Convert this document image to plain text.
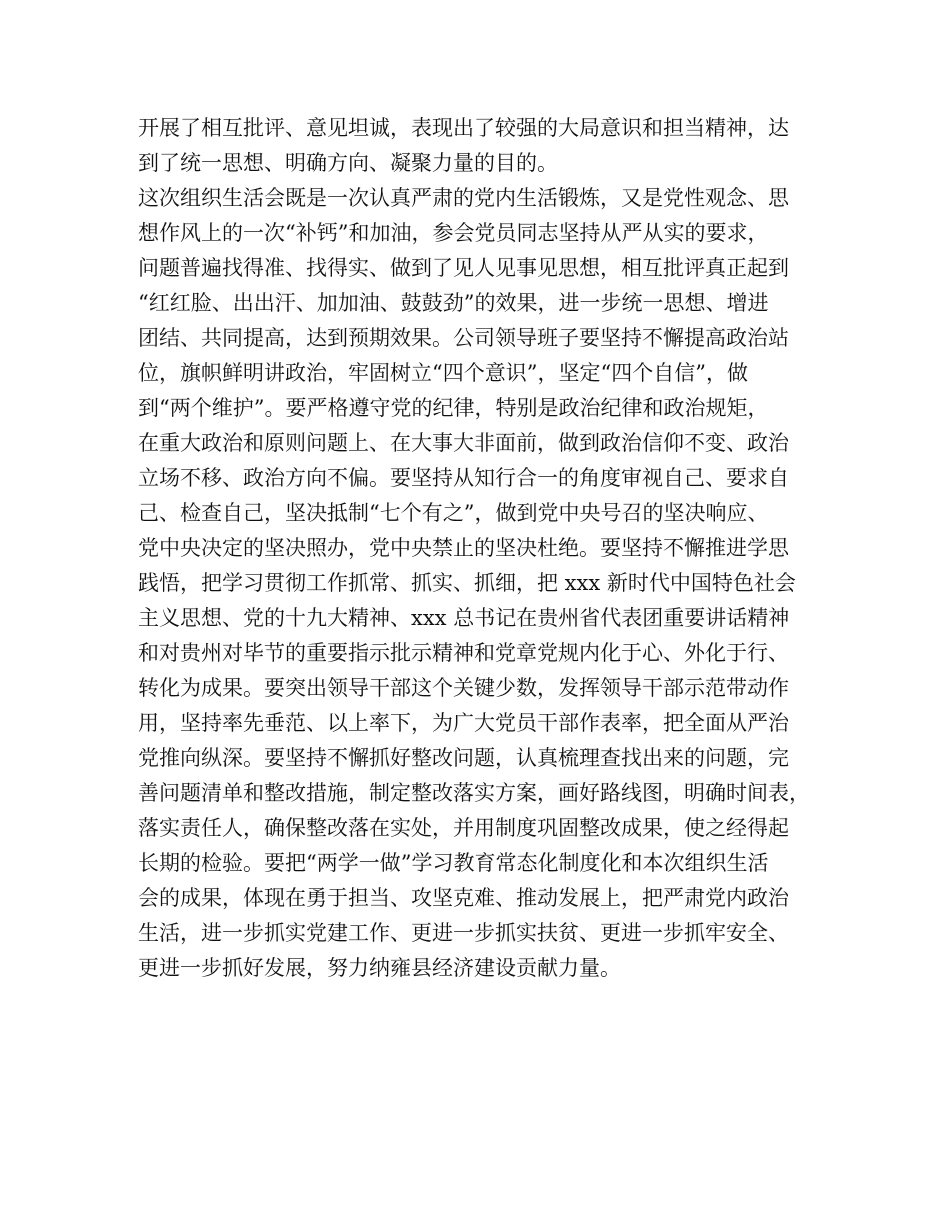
开展了相互批评、意见坦诚，表现出了较强的大局意识和担当精神，达
到了统一思想、明确方向、凝聚力量的目的。
这次组织生活会既是一次认真严肃的党内生活锻炼，又是党性观念、思
想作风上的一次“补钙”和加油，参会党员同志坚持从严从实的要求，
问题普遍找得准、找得实、做到了见人见事见思想，相互批评真正起到
“红红脸、出出汗、加加油、鼓鼓劲”的效果，进一步统一思想、增进
团结、共同提高，达到预期效果。公司领导班子要坚持不懈提高政治站
位，旗帜鲜明讲政治，牢固树立“四个意识”，坚定“四个自信”，做
到“两个维护”。要严格遵守党的纪律，特别是政治纪律和政治规矩，
在重大政治和原则问题上、在大事大非面前，做到政治信仰不变、政治
立场不移、政治方向不偏。要坚持从知行合一的角度审视自己、要求自
己、检查自己，坚决抵制“七个有之”，做到党中央号召的坚决响应、
党中央决定的坚决照办，党中央禁止的坚决杜绝。要坚持不懈推进学思
践悟，把学习贯彻工作抓常、抓实、抓细，把 xxx 新时代中国特色社会
主义思想、党的十九大精神、xxx 总书记在贵州省代表团重要讲话精神
和对贵州对毕节的重要指示批示精神和党章党规内化于心、外化于行、
转化为成果。要突出领导干部这个关键少数，发挥领导干部示范带动作
用，坚持率先垂范、以上率下，为广大党员干部作表率，把全面从严治
党推向纵深。要坚持不懈抓好整改问题，认真梳理查找出来的问题，完
善问题清单和整改措施，制定整改落实方案，画好路线图，明确时间表，
落实责任人，确保整改落在实处，并用制度巩固整改成果，使之经得起
长期的检验。要把“两学一做”学习教育常态化制度化和本次组织生活
会的成果，体现在勇于担当、攻坚克难、推动发展上，把严肃党内政治
生活，进一步抓实党建工作、更进一步抓实扶贫、更进一步抓牢安全、
更进一步抓好发展，努力纳雍县经济建设贡献力量。
